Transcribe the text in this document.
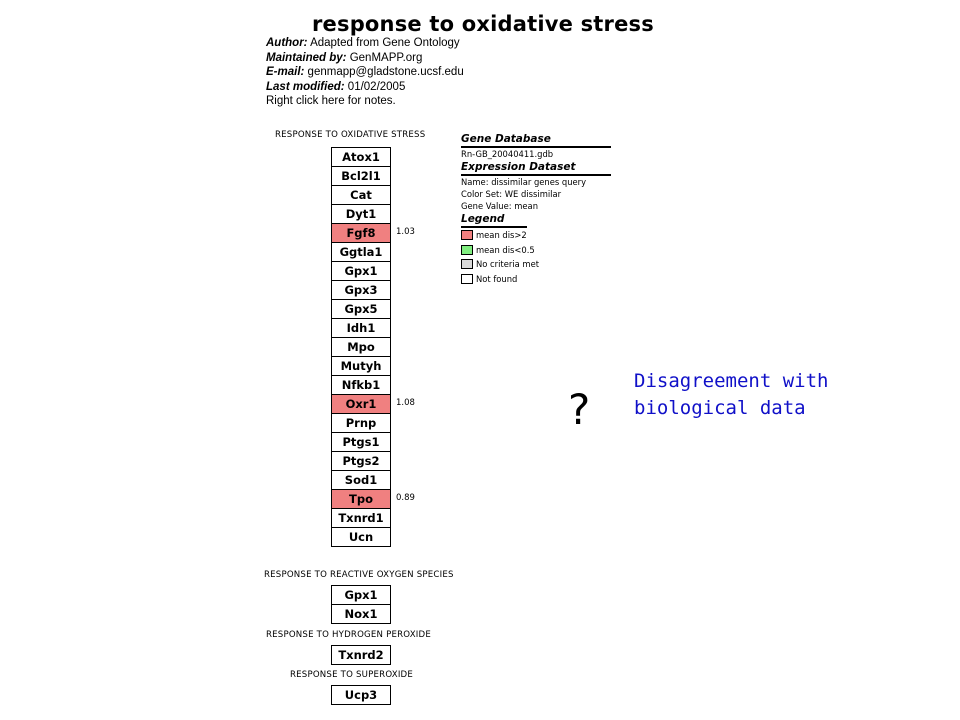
response to oxidative stress
Author: Adapted from Gene Ontology
Maintained by: GenMAPP.org
E-mail: genmapp@gladstone.ucsf.edu
Last modified: 01/02/2005
Right click here for notes.
RESPONSE TO OXIDATIVE STRESS
1.03
1.08
0.89
Atox1
Bcl2l1
Cat
Dyt1
Fgf8
Ggtla1
Gpx1
Gpx3
Gpx5
Idh1
Mpo
Mutyh
Nfkb1
Oxr1
Prnp
Ptgs1
Ptgs2
Sod1
Tpo
Txnrd1
Ucn
RESPONSE TO REACTIVE OXYGEN SPECIES
Gpx1
Nox1
RESPONSE TO HYDROGEN PEROXIDE
Txnrd2
RESPONSE TO SUPEROXIDE
Ucp3
Gene Database
Rn-GB_20040411.gdb
Expression Dataset
Name: dissimilar genes query
Color Set: WE dissimilar
Gene Value: mean
Legend
mean dis>2
mean dis<0.5
No criteria met
Not found
?
Disagreement with biological data
